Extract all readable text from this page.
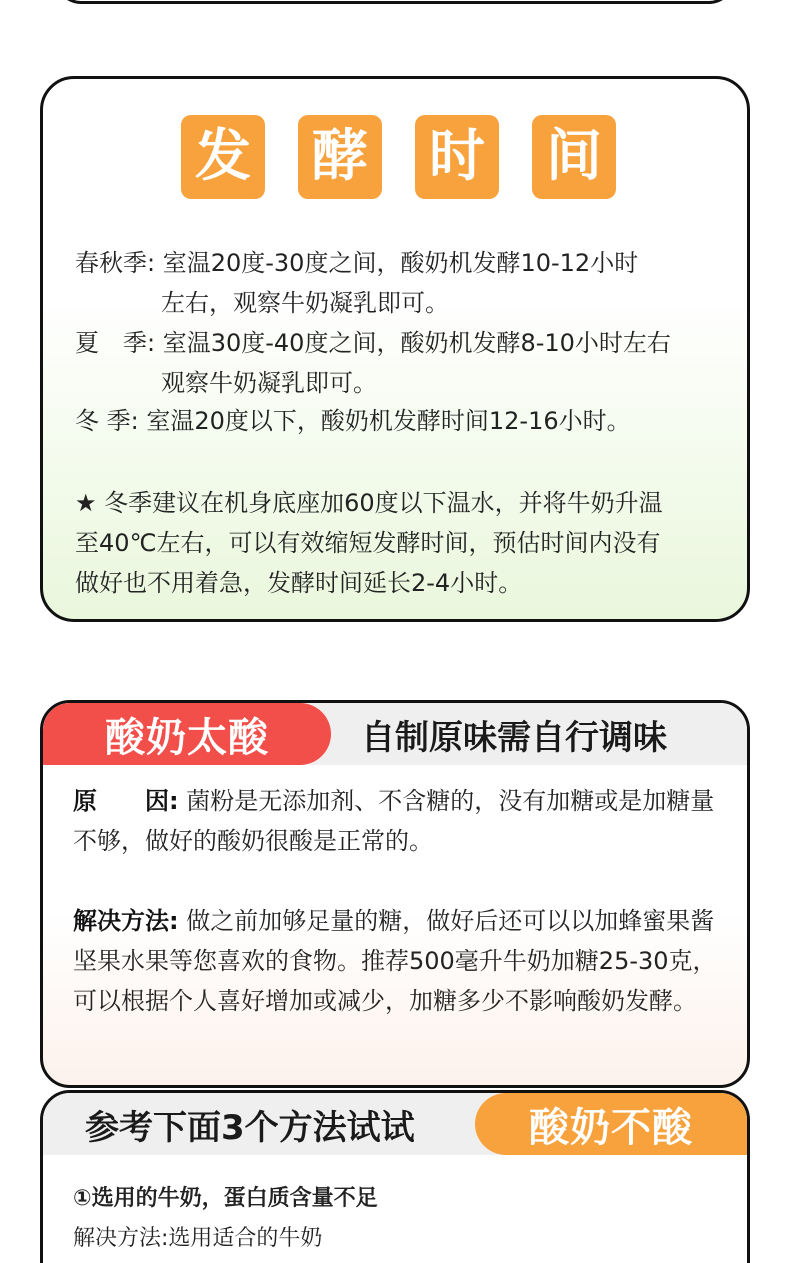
发 酵 时 间
春秋季: 室温20度-30度之间，酸奶机发酵10-12小时
左右，观察牛奶凝乳即可。
夏　季: 室温30度-40度之间，酸奶机发酵8-10小时左右
观察牛奶凝乳即可。
冬 季: 室温20度以下，酸奶机发酵时间12-16小时。
★ 冬季建议在机身底座加60度以下温水，并将牛奶升温
至40℃左右，可以有效缩短发酵时间，预估时间内没有
做好也不用着急，发酵时间延长2-4小时。
酸奶太酸	自制原味需自行调味
原　　因: 菌粉是无添加剂、不含糖的，没有加糖或是加糖量不够，做好的酸奶很酸是正常的。
解决方法: 做之前加够足量的糖，做好后还可以以加蜂蜜果酱坚果水果等您喜欢的食物。推荐500毫升牛奶加糖25-30克，可以根据个人喜好增加或减少，加糖多少不影响酸奶发酵。
参考下面3个方法试试	酸奶不酸
①选用的牛奶，蛋白质含量不足
解决方法:选用适合的牛奶
